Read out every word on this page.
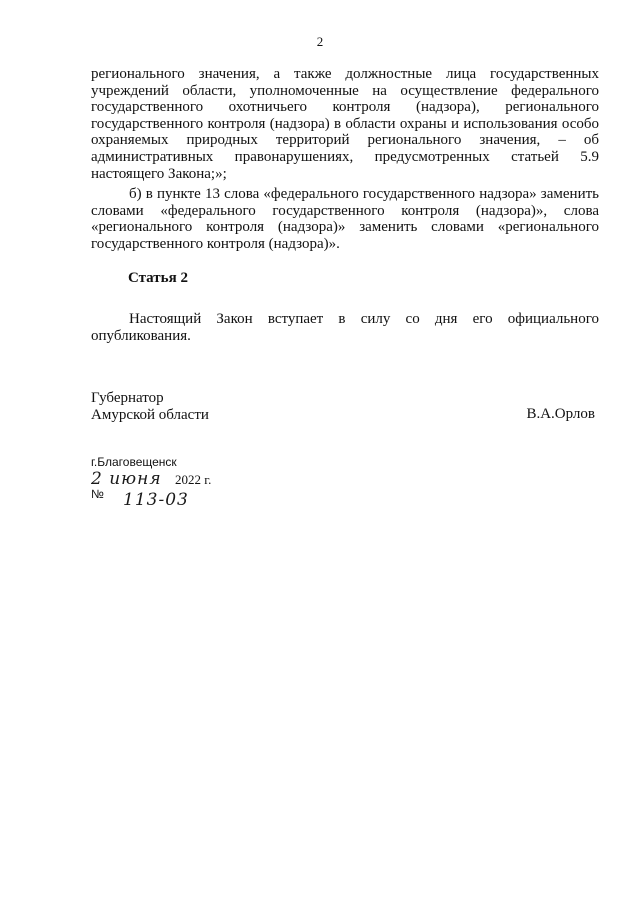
2

регионального значения, а также должностные лица государственных учреждений области, уполномоченные на осуществление федерального государственного охотничьего контроля (надзора), регионального государственного контроля (надзора) в области охраны и использования особо охраняемых природных территорий регионального значения, – об административных правонарушениях, предусмотренных статьей 5.9 настоящего Закона;»;

б) в пункте 13 слова «федерального государственного надзора» заменить словами «федерального государственного контроля (надзора)», слова «регионального контроля (надзора)» заменить словами «регионального государственного контроля (надзора)».

Статья 2

Настоящий Закон вступает в силу со дня его официального опубликования.

Губернатор
Амурской области	В.А.Орлов
г.Благовещенск
2 июня 2022 г.
№ 113-03
